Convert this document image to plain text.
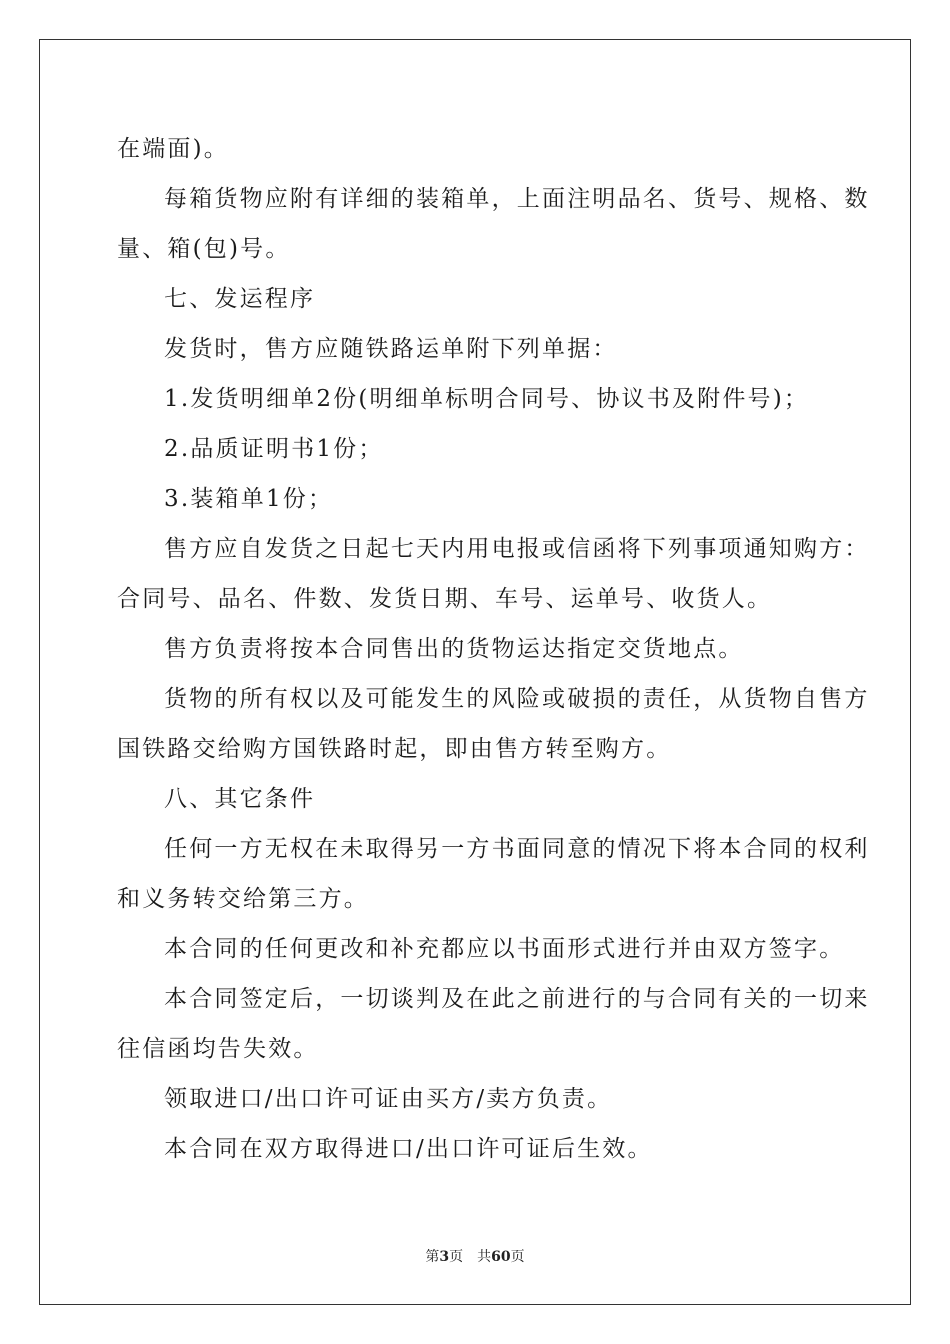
在端面)。
每箱货物应附有详细的装箱单，上面注明品名、货号、规格、数
量、箱(包)号。
七、发运程序
发货时，售方应随铁路运单附下列单据：
1.发货明细单2份(明细单标明合同号、协议书及附件号)；
2.品质证明书1份；
3.装箱单1份；
售方应自发货之日起七天内用电报或信函将下列事项通知购方：
合同号、品名、件数、发货日期、车号、运单号、收货人。
售方负责将按本合同售出的货物运达指定交货地点。
货物的所有权以及可能发生的风险或破损的责任，从货物自售方
国铁路交给购方国铁路时起，即由售方转至购方。
八、其它条件
任何一方无权在未取得另一方书面同意的情况下将本合同的权利
和义务转交给第三方。
本合同的任何更改和补充都应以书面形式进行并由双方签字。
本合同签定后，一切谈判及在此之前进行的与合同有关的一切来
往信函均告失效。
领取进口/出口许可证由买方/卖方负责。
本合同在双方取得进口/出口许可证后生效。
第3页 共60页
